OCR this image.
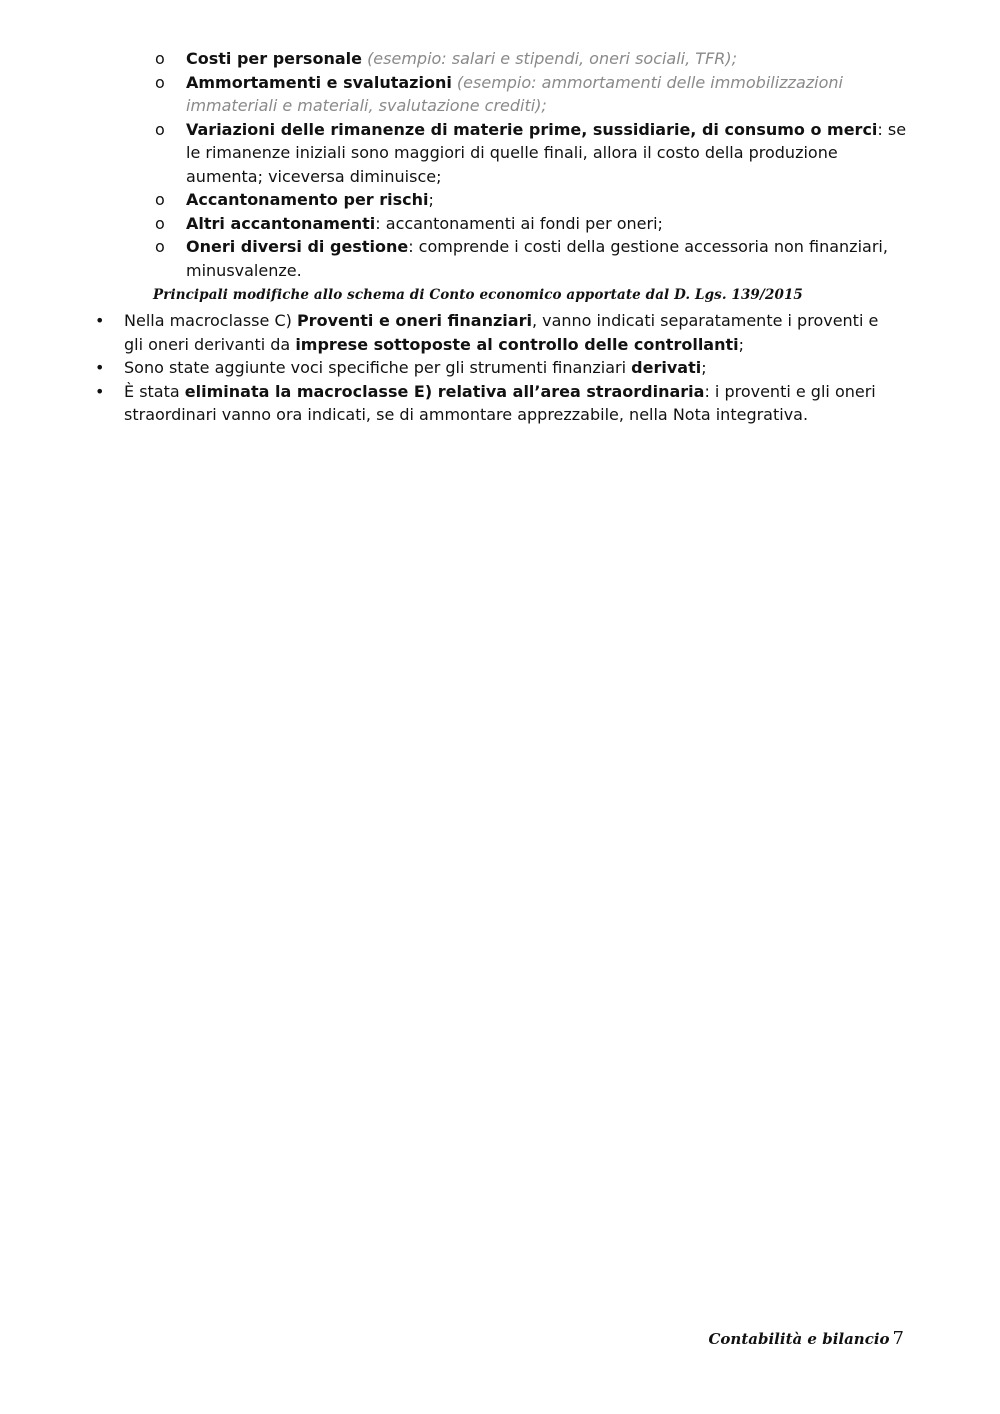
o Costi per personale (esempio: salari e stipendi, oneri sociali, TFR);
o Ammortamenti e svalutazioni (esempio: ammortamenti delle immobilizzazioni immateriali e materiali, svalutazione crediti);
o Variazioni delle rimanenze di materie prime, sussidiarie, di consumo o merci: se le rimanenze iniziali sono maggiori di quelle finali, allora il costo della produzione aumenta; viceversa diminuisce;
o Accantonamento per rischi;
o Altri accantonamenti: accantonamenti ai fondi per oneri;
o Oneri diversi di gestione: comprende i costi della gestione accessoria non finanziari, minusvalenze.
Principali modifiche allo schema di Conto economico apportate dal D. Lgs. 139/2015
• Nella macroclasse C) Proventi e oneri finanziari, vanno indicati separatamente i proventi e gli oneri derivanti da imprese sottoposte al controllo delle controllanti;
• Sono state aggiunte voci specifiche per gli strumenti finanziari derivati;
• È stata eliminata la macroclasse E) relativa all’area straordinaria: i proventi e gli oneri straordinari vanno ora indicati, se di ammontare apprezzabile, nella Nota integrativa.
Contabilità e bilancio 7
